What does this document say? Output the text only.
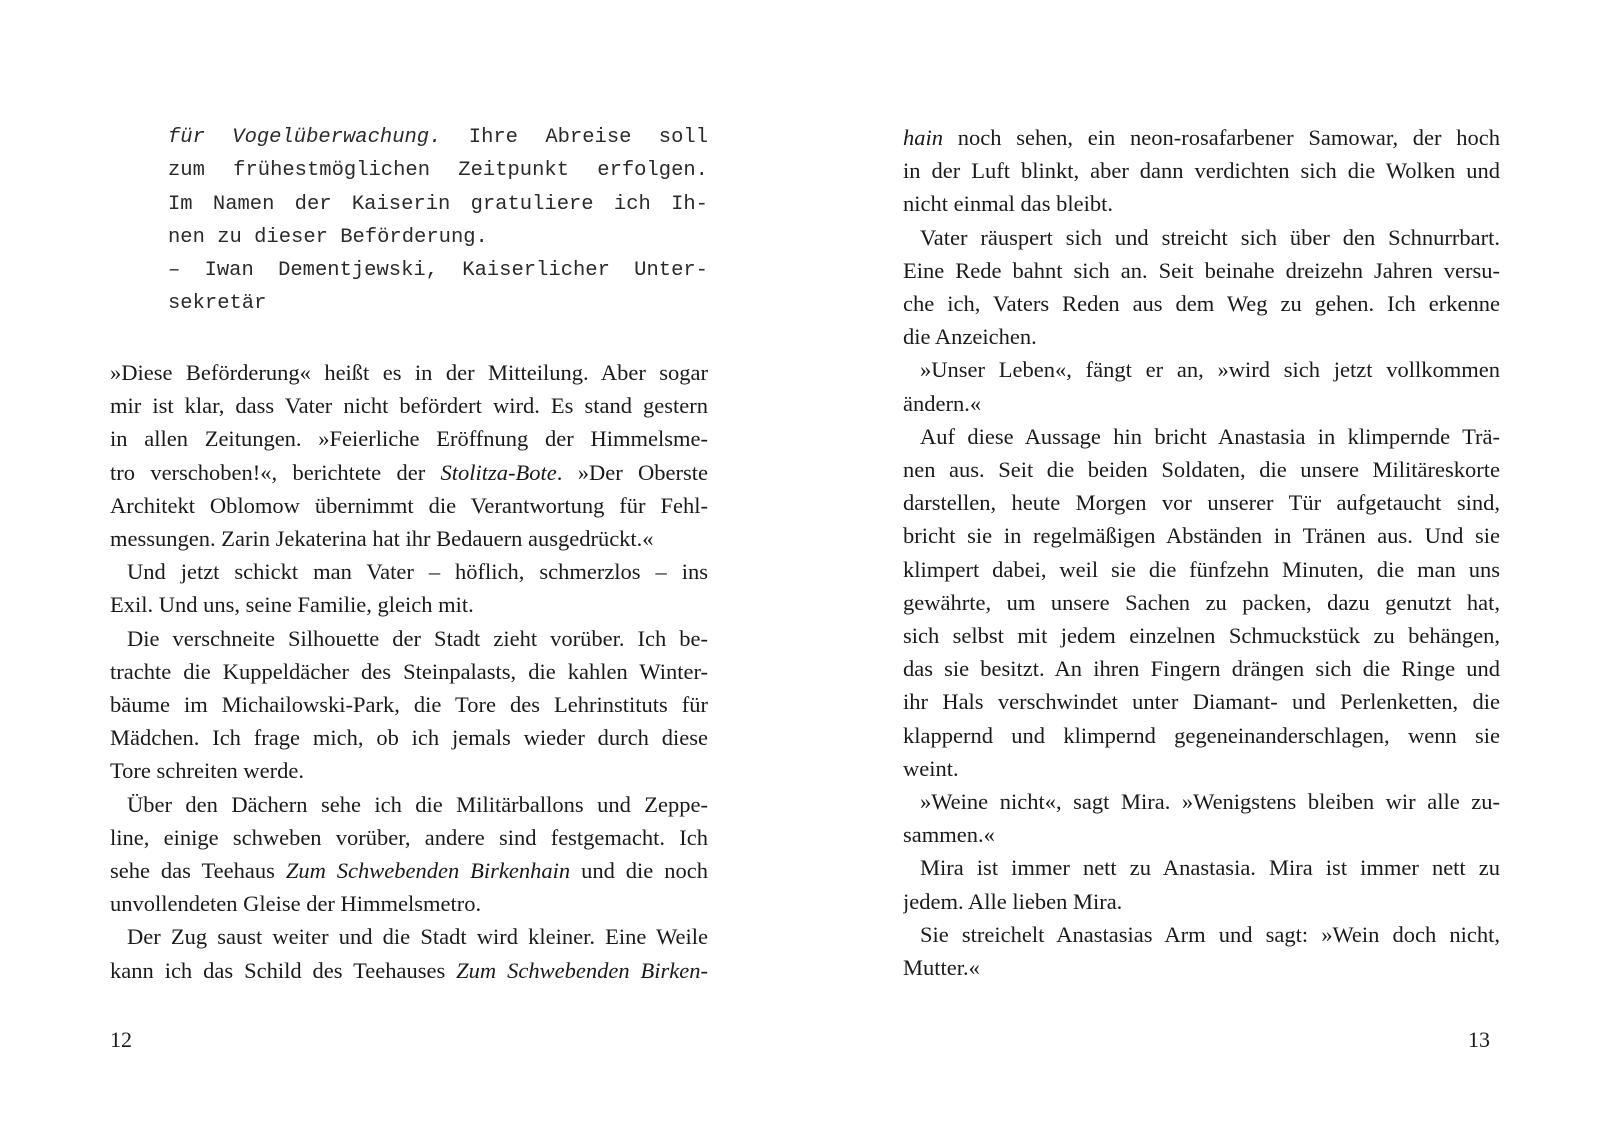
für Vogelüberwachung. Ihre Abreise soll
zum frühestmöglichen Zeitpunkt erfolgen.
Im Namen der Kaiserin gratuliere ich Ih-
nen zu dieser Beförderung.
– Iwan Dementjewski, Kaiserlicher Unter-
sekretär
»Diese Beförderung« heißt es in der Mitteilung. Aber sogar
mir ist klar, dass Vater nicht befördert wird. Es stand gestern
in allen Zeitungen. »Feierliche Eröffnung der Himmelsme-
tro verschoben!«, berichtete der Stolitza-Bote. »Der Oberste
Architekt Oblomow übernimmt die Verantwortung für Fehl-
messungen. Zarin Jekaterina hat ihr Bedauern ausgedrückt.«
Und jetzt schickt man Vater – höflich, schmerzlos – ins
Exil. Und uns, seine Familie, gleich mit.
Die verschneite Silhouette der Stadt zieht vorüber. Ich be-
trachte die Kuppeldächer des Steinpalasts, die kahlen Winter-
bäume im Michailowski-Park, die Tore des Lehrinstituts für
Mädchen. Ich frage mich, ob ich jemals wieder durch diese
Tore schreiten werde.
Über den Dächern sehe ich die Militärballons und Zeppe-
line, einige schweben vorüber, andere sind festgemacht. Ich
sehe das Teehaus Zum Schwebenden Birkenhain und die noch
unvollendeten Gleise der Himmelsmetro.
Der Zug saust weiter und die Stadt wird kleiner. Eine Weile
kann ich das Schild des Teehauses Zum Schwebenden Birken-
12
hain noch sehen, ein neon-rosafarbener Samowar, der hoch
in der Luft blinkt, aber dann verdichten sich die Wolken und
nicht einmal das bleibt.
Vater räuspert sich und streicht sich über den Schnurrbart.
Eine Rede bahnt sich an. Seit beinahe dreizehn Jahren versu-
che ich, Vaters Reden aus dem Weg zu gehen. Ich erkenne
die Anzeichen.
»Unser Leben«, fängt er an, »wird sich jetzt vollkommen
ändern.«
Auf diese Aussage hin bricht Anastasia in klimpernde Trä-
nen aus. Seit die beiden Soldaten, die unsere Militäreskorte
darstellen, heute Morgen vor unserer Tür aufgetaucht sind,
bricht sie in regelmäßigen Abständen in Tränen aus. Und sie
klimpert dabei, weil sie die fünfzehn Minuten, die man uns
gewährte, um unsere Sachen zu packen, dazu genutzt hat,
sich selbst mit jedem einzelnen Schmuckstück zu behängen,
das sie besitzt. An ihren Fingern drängen sich die Ringe und
ihr Hals verschwindet unter Diamant- und Perlenketten, die
klappernd und klimpernd gegeneinanderschlagen, wenn sie
weint.
»Weine nicht«, sagt Mira. »Wenigstens bleiben wir alle zu-
sammen.«
Mira ist immer nett zu Anastasia. Mira ist immer nett zu
jedem. Alle lieben Mira.
Sie streichelt Anastasias Arm und sagt: »Wein doch nicht,
Mutter.«
13
